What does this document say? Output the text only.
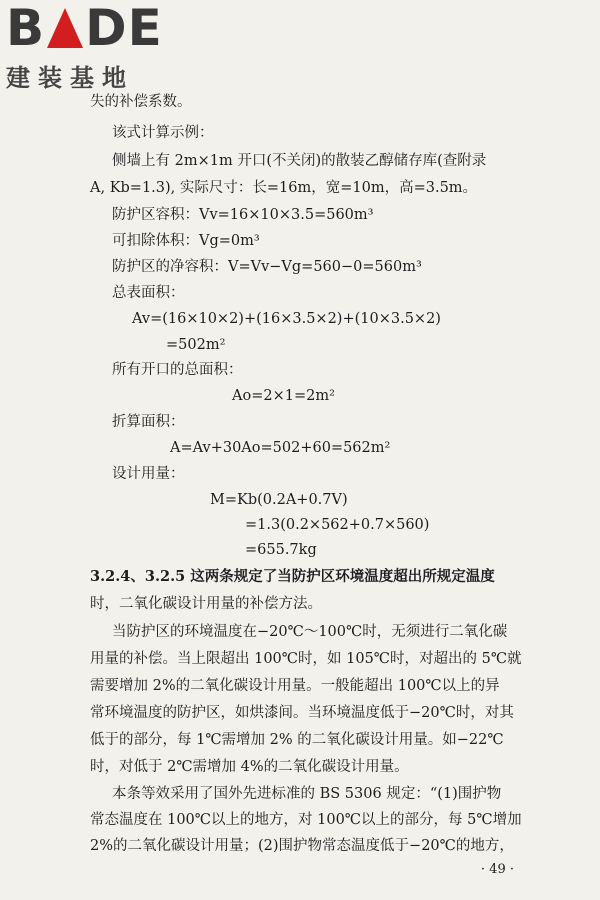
B DE
建装基地
失的补偿系数。
该式计算示例：
侧墙上有 2m×1m 开口(不关闭)的散装乙醇储存库(查附录
A, Kb=1.3), 实际尺寸：长=16m，宽=10m，高=3.5m。
防护区容积：Vv=16×10×3.5=560m³
可扣除体积：Vg=0m³
防护区的净容积：V=Vv−Vg=560−0=560m³
总表面积：
Av=(16×10×2)+(16×3.5×2)+(10×3.5×2)
=502m²
所有开口的总面积：
Ao=2×1=2m²
折算面积：
A=Av+30Ao=502+60=562m²
设计用量：
M=Kb(0.2A+0.7V)
=1.3(0.2×562+0.7×560)
=655.7kg
3.2.4、3.2.5 这两条规定了当防护区环境温度超出所规定温度
时，二氧化碳设计用量的补偿方法。
当防护区的环境温度在−20℃～100℃时，无须进行二氧化碳
用量的补偿。当上限超出 100℃时，如 105℃时，对超出的 5℃就
需要增加 2%的二氧化碳设计用量。一般能超出 100℃以上的异
常环境温度的防护区，如烘漆间。当环境温度低于−20℃时，对其
低于的部分，每 1℃需增加 2% 的二氧化碳设计用量。如−22℃
时，对低于 2℃需增加 4%的二氧化碳设计用量。
本条等效采用了国外先进标准的 BS 5306 规定：“(1)围护物
常态温度在 100℃以上的地方，对 100℃以上的部分，每 5℃增加
2%的二氧化碳设计用量；(2)围护物常态温度低于−20℃的地方，
· 49 ·
